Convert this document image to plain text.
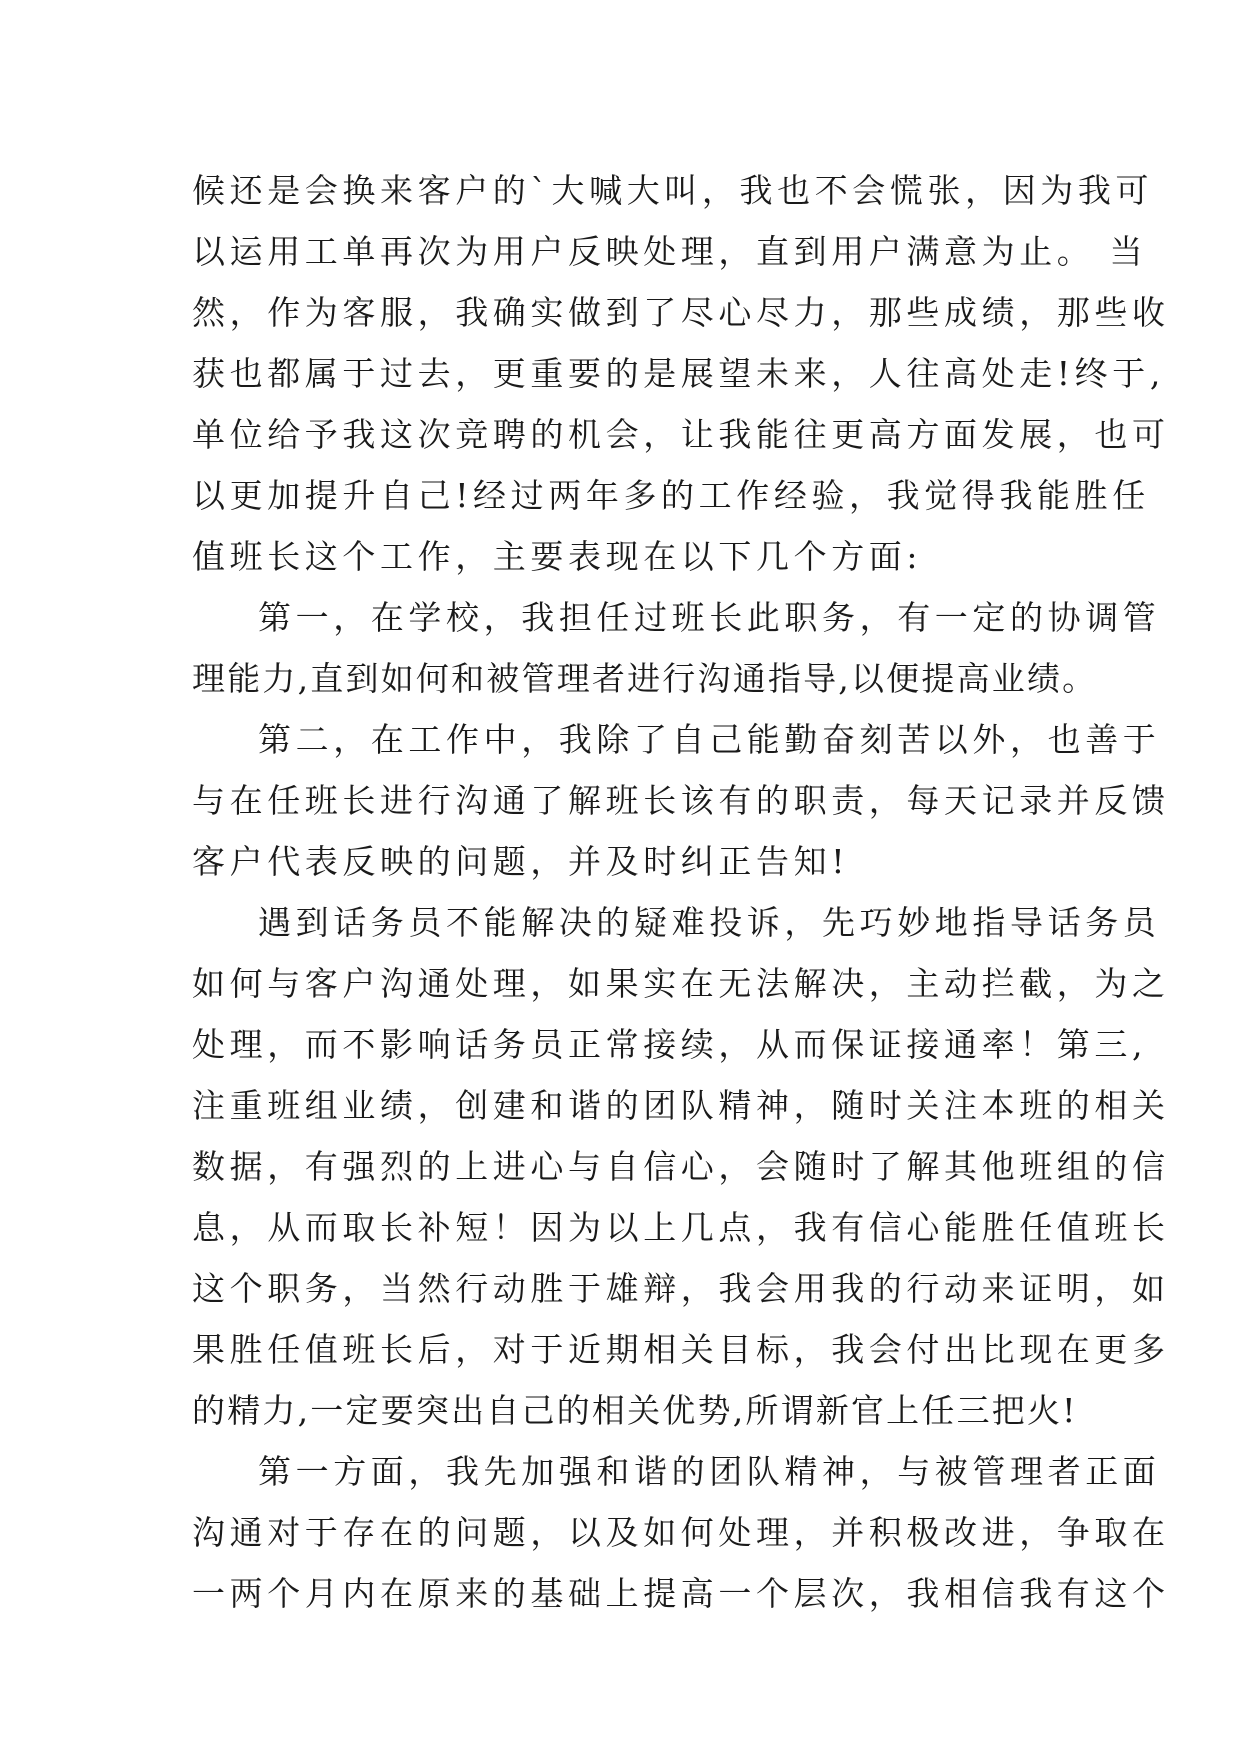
候还是会换来客户的`大喊大叫，我也不会慌张，因为我可
以运用工单再次为用户反映处理，直到用户满意为止。 当
然，作为客服，我确实做到了尽心尽力，那些成绩，那些收
获也都属于过去，更重要的是展望未来，人往高处走!终于,
单位给予我这次竞聘的机会，让我能往更高方面发展，也可
以更加提升自己!经过两年多的工作经验，我觉得我能胜任
值班长这个工作，主要表现在以下几个方面:
第一，在学校，我担任过班长此职务，有一定的协调管
理能力,直到如何和被管理者进行沟通指导,以便提高业绩。
第二，在工作中，我除了自己能勤奋刻苦以外，也善于
与在任班长进行沟通了解班长该有的职责，每天记录并反馈
客户代表反映的问题，并及时纠正告知!
遇到话务员不能解决的疑难投诉，先巧妙地指导话务员
如何与客户沟通处理，如果实在无法解决，主动拦截，为之
处理，而不影响话务员正常接续，从而保证接通率！第三,
注重班组业绩，创建和谐的团队精神，随时关注本班的相关
数据，有强烈的上进心与自信心，会随时了解其他班组的信
息，从而取长补短！因为以上几点，我有信心能胜任值班长
这个职务，当然行动胜于雄辩，我会用我的行动来证明，如
果胜任值班长后，对于近期相关目标，我会付出比现在更多
的精力,一定要突出自己的相关优势,所谓新官上任三把火!
第一方面，我先加强和谐的团队精神，与被管理者正面
沟通对于存在的问题，以及如何处理，并积极改进，争取在
一两个月内在原来的基础上提高一个层次，我相信我有这个
